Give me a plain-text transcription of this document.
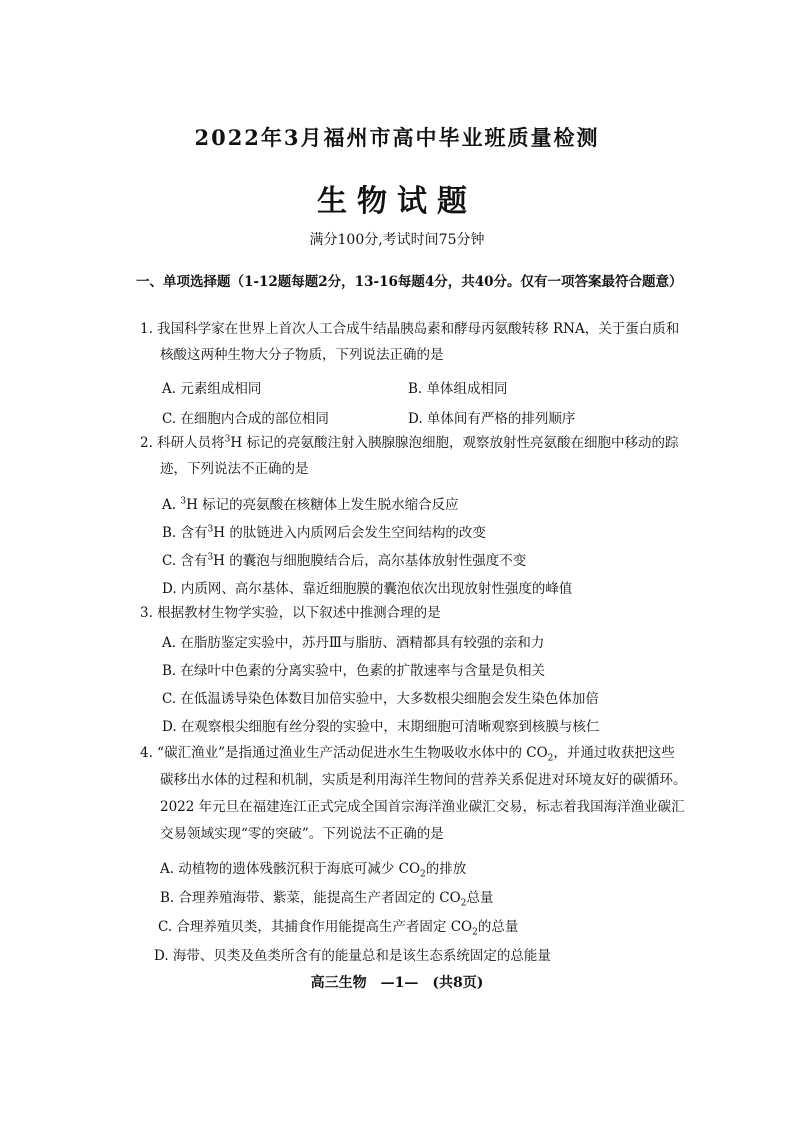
2022年3月福州市高中毕业班质量检测
生物试题
满分100分,考试时间75分钟
一、单项选择题（1-12题每题2分，13-16每题4分，共40分。仅有一项答案最符合题意）
1. 我国科学家在世界上首次人工合成牛结晶胰岛素和酵母丙氨酸转移 RNA，关于蛋白质和
核酸这两种生物大分子物质，下列说法正确的是
A. 元素组成相同	B. 单体组成相同
C. 在细胞内合成的部位相同	D. 单体间有严格的排列顺序
2. 科研人员将$^3$H 标记的亮氨酸注射入胰腺腺泡细胞，观察放射性亮氨酸在细胞中移动的踪
迹，下列说法不正确的是
A. $^3$H 标记的亮氨酸在核糖体上发生脱水缩合反应
B. 含有$^3$H 的肽链进入内质网后会发生空间结构的改变
C. 含有$^3$H 的囊泡与细胞膜结合后，高尔基体放射性强度不变
D. 内质网、高尔基体、靠近细胞膜的囊泡依次出现放射性强度的峰值
3. 根据教材生物学实验，以下叙述中推测合理的是
A. 在脂肪鉴定实验中，苏丹Ⅲ与脂肪、酒精都具有较强的亲和力
B. 在绿叶中色素的分离实验中，色素的扩散速率与含量是负相关
C. 在低温诱导染色体数目加倍实验中，大多数根尖细胞会发生染色体加倍
D. 在观察根尖细胞有丝分裂的实验中，末期细胞可清晰观察到核膜与核仁
4. “碳汇渔业”是指通过渔业生产活动促进水生生物吸收水体中的 $CO_2$，并通过收获把这些
碳移出水体的过程和机制，实质是利用海洋生物间的营养关系促进对环境友好的碳循环。
2022 年元旦在福建连江正式完成全国首宗海洋渔业碳汇交易，标志着我国海洋渔业碳汇
交易领域实现“零的突破”。下列说法不正确的是
A. 动植物的遗体残骸沉积于海底可减少 $CO_2$的排放
B. 合理养殖海带、紫菜，能提高生产者固定的 $CO_2$总量
C. 合理养殖贝类，其捕食作用能提高生产者固定 $CO_2$的总量
D. 海带、贝类及鱼类所含有的能量总和是该生态系统固定的总能量
高三生物　—1—　(共8页)
